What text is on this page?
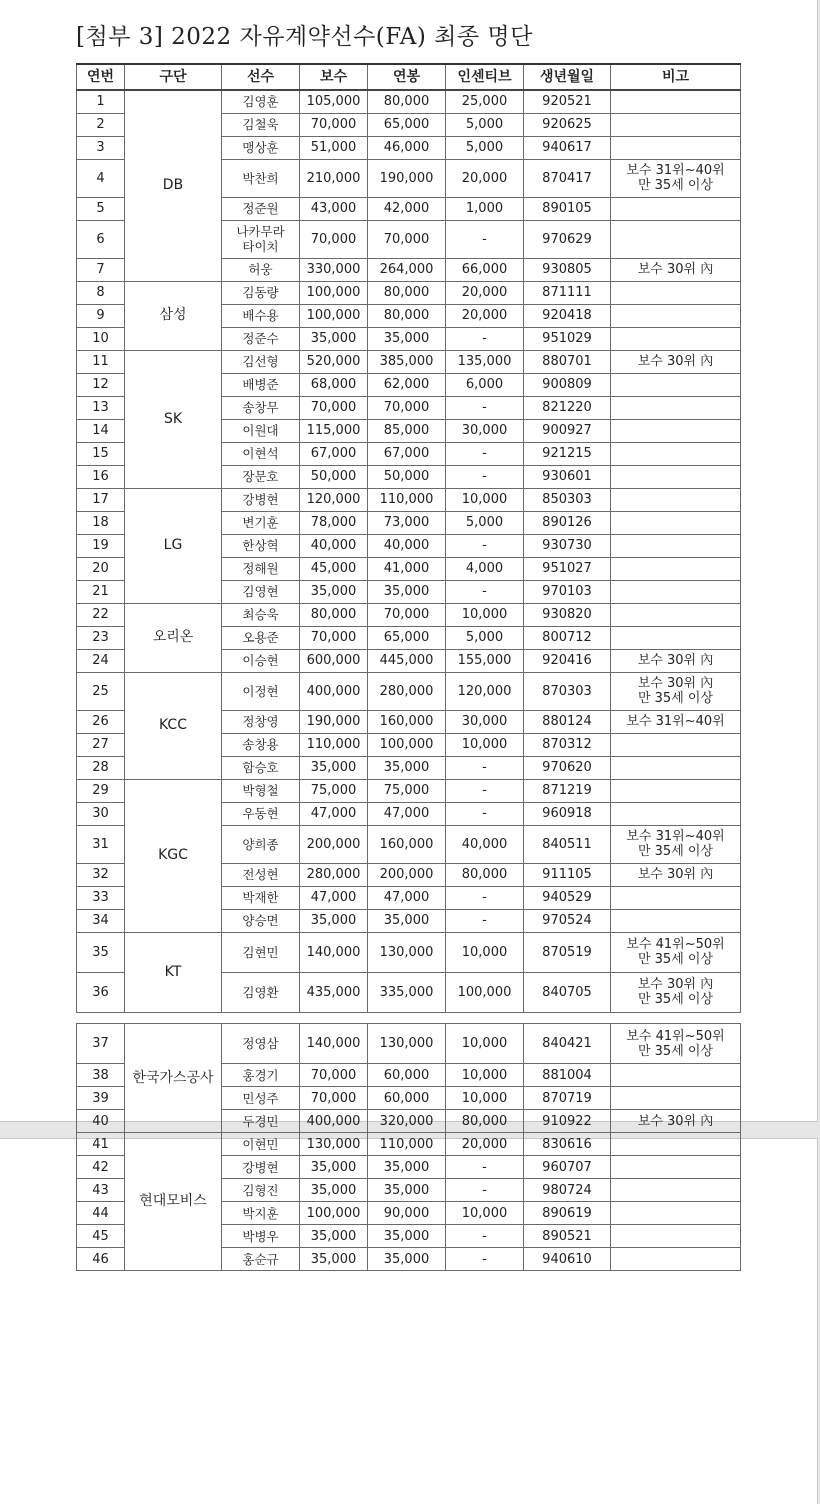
[첨부 3] 2022 자유계약선수(FA) 최종 명단
연번	구단	선수	보수	연봉	인센티브	생년월일	비고
1	DB	김영훈	105,000	80,000	25,000	920521	
2		김철욱	70,000	65,000	5,000	920625	
3		맹상훈	51,000	46,000	5,000	940617	
4		박찬희	210,000	190,000	20,000	870417	보수 31위~40위
만 35세 이상
5		정준원	43,000	42,000	1,000	890105	
6		나카무라
타이치	70,000	70,000	-	970629	
7		허웅	330,000	264,000	66,000	930805	보수 30위 內
8	삼성	김동량	100,000	80,000	20,000	871111	
9		배수용	100,000	80,000	20,000	920418	
10		정준수	35,000	35,000	-	951029	
11	SK	김선형	520,000	385,000	135,000	880701	보수 30위 內
12		배병준	68,000	62,000	6,000	900809	
13		송창무	70,000	70,000	-	821220	
14		이원대	115,000	85,000	30,000	900927	
15		이현석	67,000	67,000	-	921215	
16		장문호	50,000	50,000	-	930601	
17	LG	강병현	120,000	110,000	10,000	850303	
18		변기훈	78,000	73,000	5,000	890126	
19		한상혁	40,000	40,000	-	930730	
20		정해원	45,000	41,000	4,000	951027	
21		김영현	35,000	35,000	-	970103	
22	오리온	최승욱	80,000	70,000	10,000	930820	
23		오용준	70,000	65,000	5,000	800712	
24		이승현	600,000	445,000	155,000	920416	보수 30위 內
25	KCC	이정현	400,000	280,000	120,000	870303	보수 30위 內
만 35세 이상
26		정창영	190,000	160,000	30,000	880124	보수 31위~40위
27		송창용	110,000	100,000	10,000	870312	
28		함승호	35,000	35,000	-	970620	
29	KGC	박형철	75,000	75,000	-	871219	
30		우동현	47,000	47,000	-	960918	
31		양희종	200,000	160,000	40,000	840511	보수 31위~40위
만 35세 이상
32		전성현	280,000	200,000	80,000	911105	보수 30위 內
33		박재한	47,000	47,000	-	940529	
34		양승면	35,000	35,000	-	970524	
35	KT	김현민	140,000	130,000	10,000	870519	보수 41위~50위
만 35세 이상
36		김영환	435,000	335,000	100,000	840705	보수 30위 內
만 35세 이상
37	한국가스공사	정영삼	140,000	130,000	10,000	840421	보수 41위~50위
만 35세 이상
38		홍경기	70,000	60,000	10,000	881004	
39		민성주	70,000	60,000	10,000	870719	
40		두경민	400,000	320,000	80,000	910922	보수 30위 內
41	현대모비스	이현민	130,000	110,000	20,000	830616	
42		강병현	35,000	35,000	-	960707	
43		김형진	35,000	35,000	-	980724	
44		박지훈	100,000	90,000	10,000	890619	
45		박병우	35,000	35,000	-	890521	
46		홍순규	35,000	35,000	-	940610	
